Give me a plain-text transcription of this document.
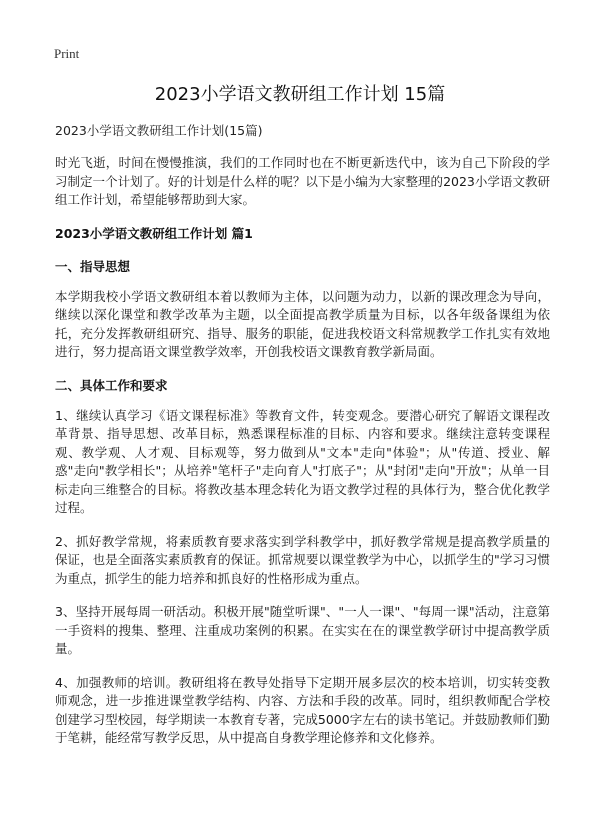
Print
2023小学语文教研组工作计划 15篇

2023小学语文教研组工作计划(15篇)

时光飞逝，时间在慢慢推演，我们的工作同时也在不断更新迭代中，该为自己下阶段的学习制定一个计划了。好的计划是什么样的呢？以下是小编为大家整理的2023小学语文教研组工作计划，希望能够帮助到大家。

2023小学语文教研组工作计划 篇1

一、指导思想

本学期我校小学语文教研组本着以教师为主体，以问题为动力，以新的课改理念为导向，继续以深化课堂和教学改革为主题，以全面提高教学质量为目标，以各年级备课组为依托，充分发挥教研组研究、指导、服务的职能，促进我校语文科常规教学工作扎实有效地进行，努力提高语文课堂教学效率，开创我校语文课教育教学新局面。

二、具体工作和要求

1、继续认真学习《语文课程标准》等教育文件，转变观念。要潜心研究了解语文课程改革背景、指导思想、改革目标，熟悉课程标准的目标、内容和要求。继续注意转变课程观、教学观、人才观、目标观等，努力做到从"文本"走向"体验"；从"传道、授业、解惑"走向"教学相长"；从培养"笔杆子"走向育人"打底子"；从"封闭"走向"开放"；从单一目标走向三维整合的目标。将教改基本理念转化为语文教学过程的具体行为，整合优化教学过程。

2、抓好教学常规，将素质教育要求落实到学科教学中，抓好教学常规是提高教学质量的保证，也是全面落实素质教育的保证。抓常规要以课堂教学为中心，以抓学生的"学习习惯为重点，抓学生的能力培养和抓良好的性格形成为重点。

3、坚持开展每周一研活动。积极开展"随堂听课"、"一人一课"、"每周一课"活动，注意第一手资料的搜集、整理、注重成功案例的积累。在实实在在的课堂教学研讨中提高教学质量。

4、加强教师的培训。教研组将在教导处指导下定期开展多层次的校本培训，切实转变教师观念，进一步推进课堂教学结构、内容、方法和手段的改革。同时，组织教师配合学校创建学习型校园，每学期读一本教育专著，完成5000字左右的读书笔记。并鼓励教师们勤于笔耕，能经常写教学反思，从中提高自身教学理论修养和文化修养。
